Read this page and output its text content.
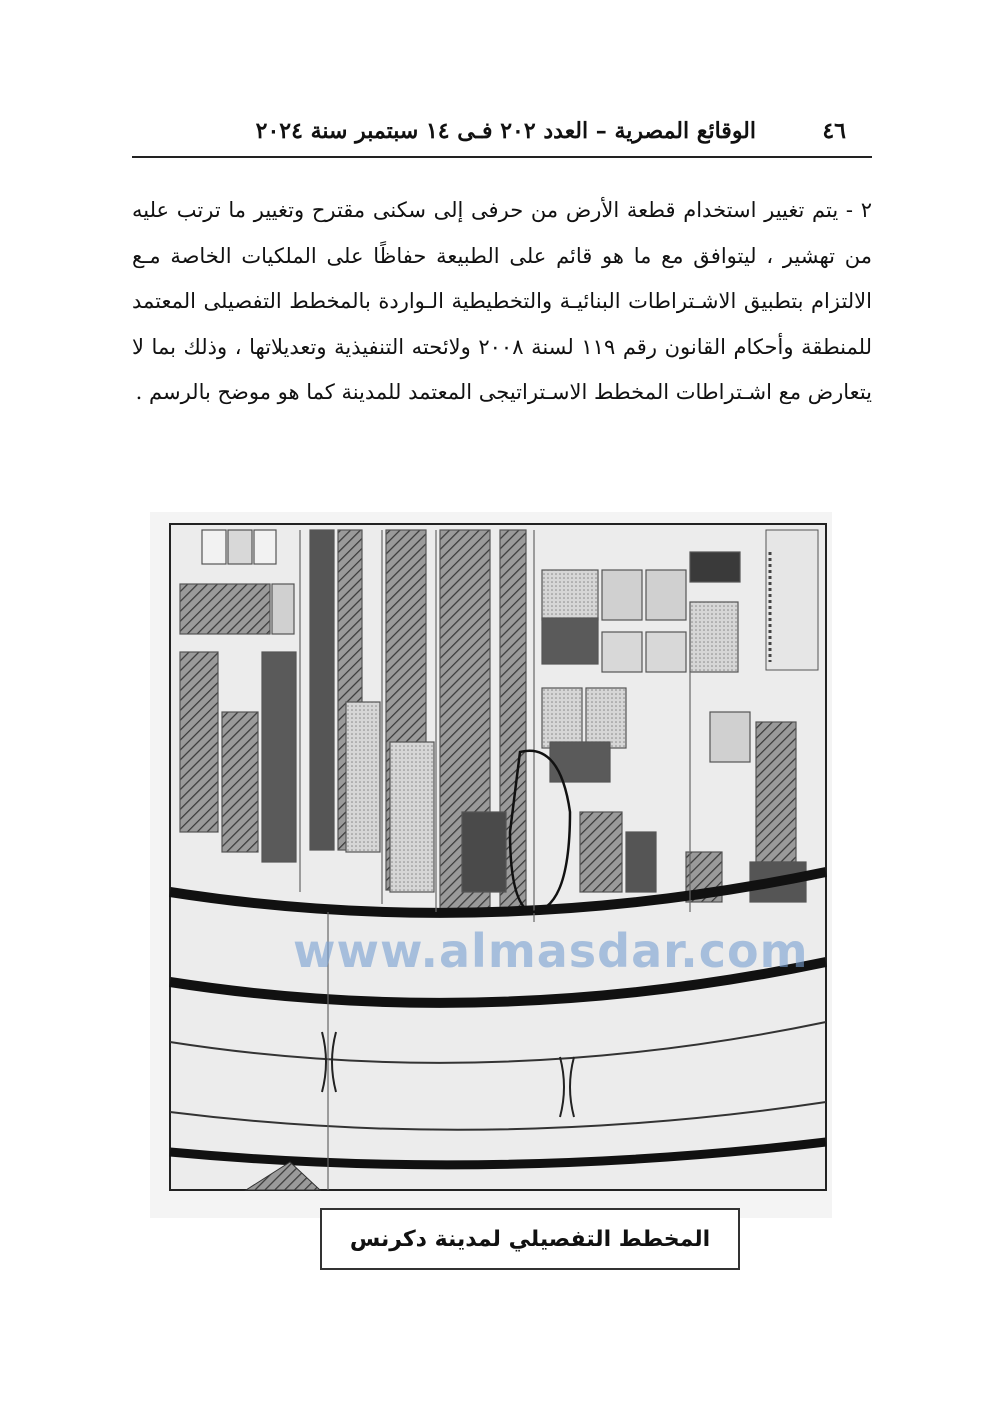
٤٦
الوقائع المصرية – العدد ٢٠٢ فـى ١٤ سبتمبر سنة ٢٠٢٤

٢ - يتم تغيير استخدام قطعة الأرض من حرفى إلى سكنى مقترح وتغيير ما ترتب عليه من تهشير ، ليتوافق مع ما هو قائم على الطبيعة حفاظًا على الملكيات الخاصة مـع الالتزام بتطبيق الاشـتراطات البنائيـة والتخطيطية الـواردة بالمخطط التفصيلى المعتمد للمنطقة وأحكام القانون رقم ١١٩ لسنة ٢٠٠٨ ولائحته التنفيذية وتعديلاتها ، وذلك بما لا يتعارض مع اشـتراطات المخطط الاسـتراتيجى المعتمد للمدينة كما هو موضح بالرسم .

www.almasdar.com
المخطط التفصيلي لمدينة دكرنس
